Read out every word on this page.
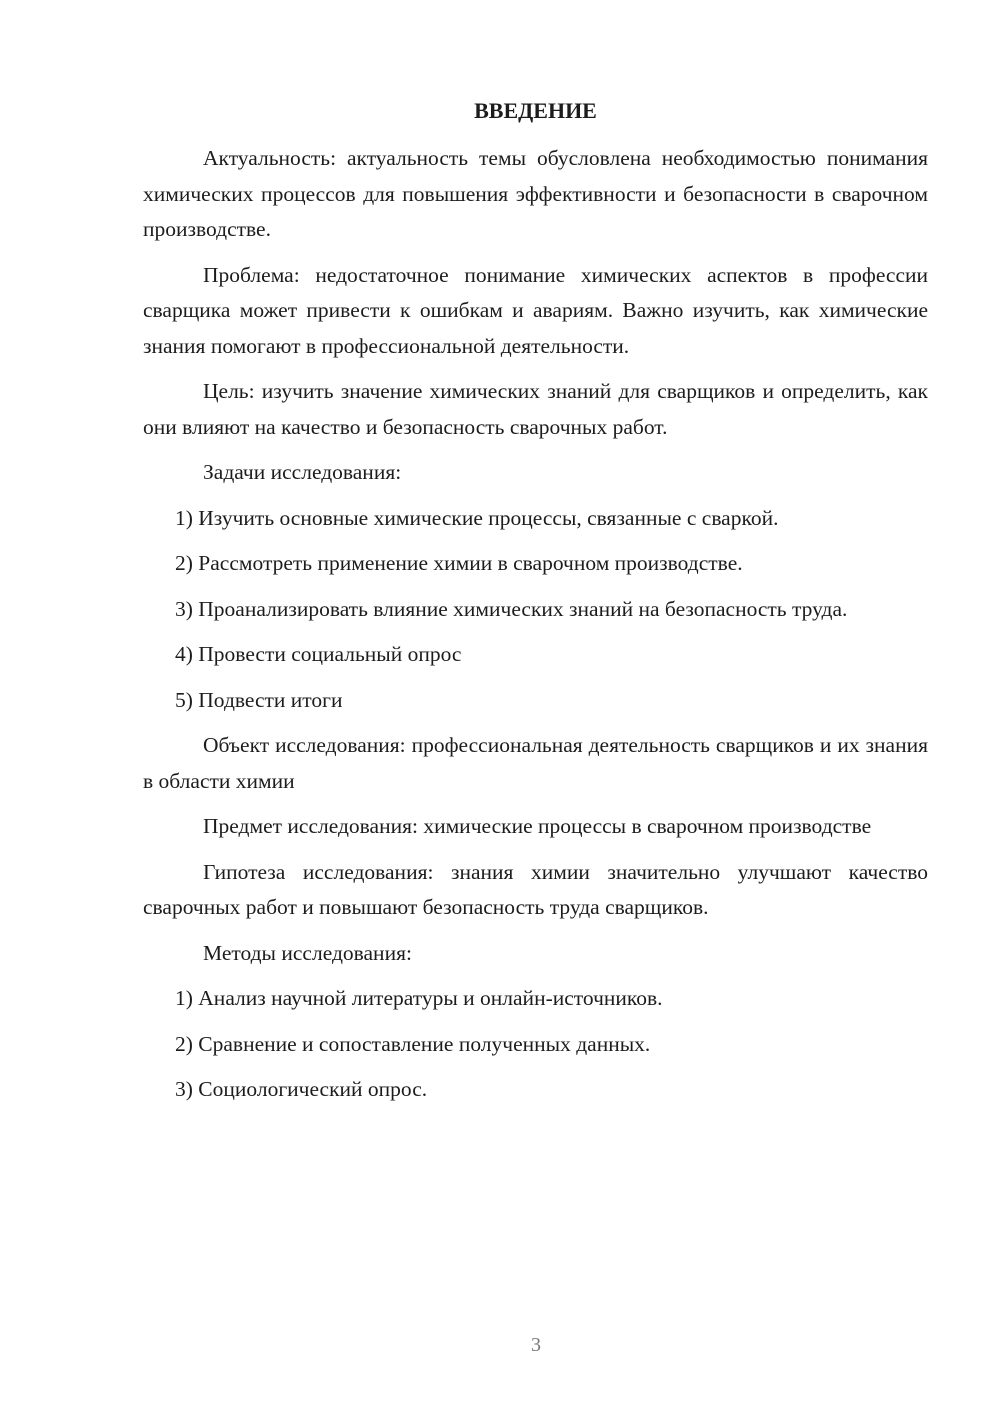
ВВЕДЕНИЕ

Актуальность: актуальность темы обусловлена необходимостью понимания химических процессов для повышения эффективности и безопасности в сварочном производстве.

Проблема: недостаточное понимание химических аспектов в профессии сварщика может привести к ошибкам и авариям. Важно изучить, как химические знания помогают в профессиональной деятельности.

Цель: изучить значение химических знаний для сварщиков и определить, как они влияют на качество и безопасность сварочных работ.

Задачи исследования:

1) Изучить основные химические процессы, связанные с сваркой.

2) Рассмотреть применение химии в сварочном производстве.

3) Проанализировать влияние химических знаний на безопасность труда.

4) Провести социальный опрос

5) Подвести итоги

Объект исследования: профессиональная деятельность сварщиков и их знания в области химии

Предмет исследования: химические процессы в сварочном производстве

Гипотеза исследования: знания химии значительно улучшают качество сварочных работ и повышают безопасность труда сварщиков.

Методы исследования:

1) Анализ научной литературы и онлайн-источников.

2) Сравнение и сопоставление полученных данных.

3) Социологический опрос.

3
